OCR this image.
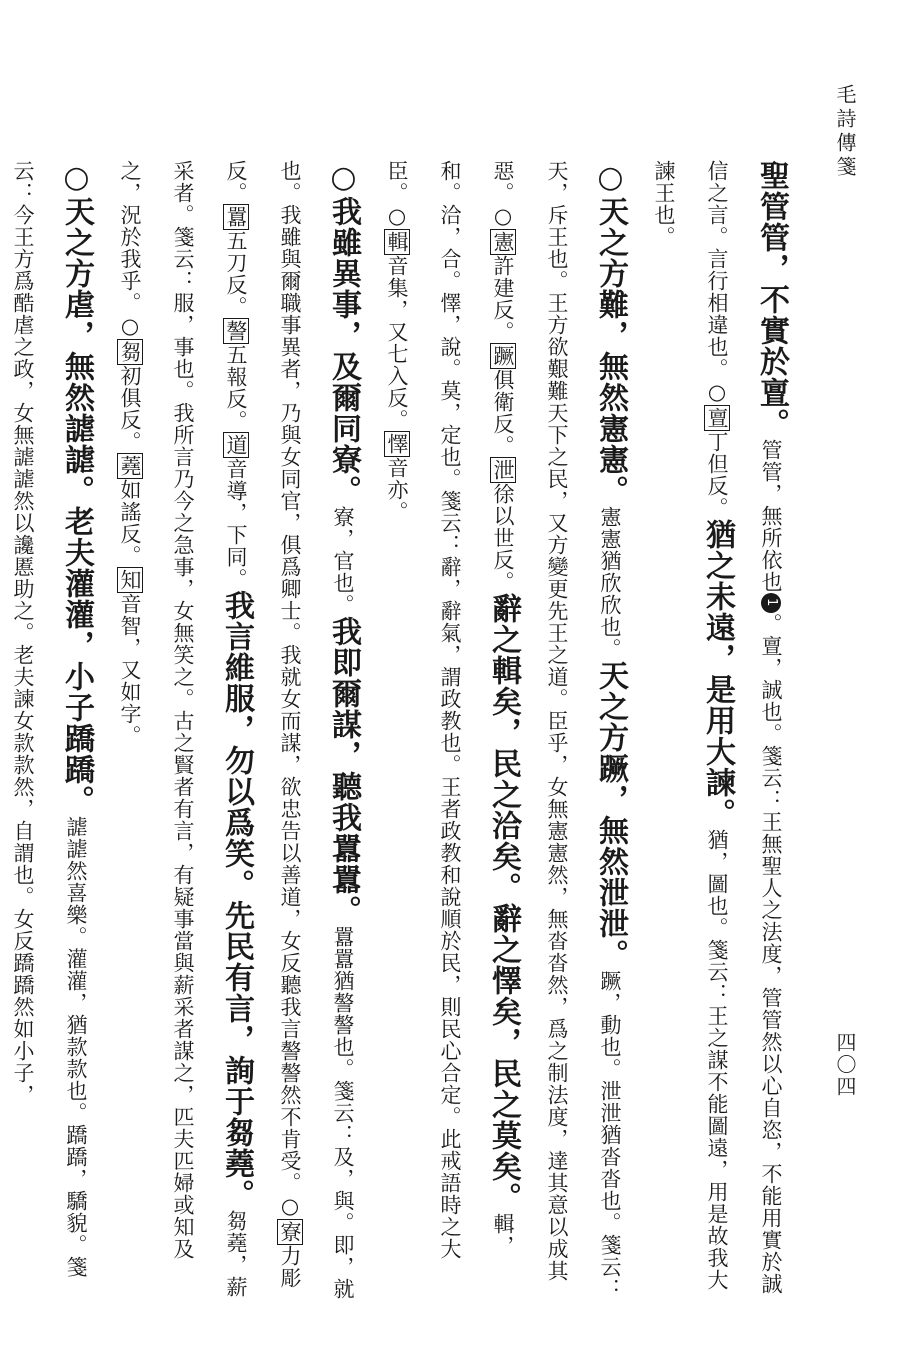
毛詩傳箋
四〇四

聖管管，不實於亶。管管，無所依也1。亶，誠也。箋云：王無聖人之法度，管管然以心自恣，不能用實於誠信之言。言行相違也。○亶丁但反。猶之未遠，是用大諫。猶，圖也。箋云：王之謀不能圖遠，用是故我大諫王也。

○天之方難，無然憲憲。憲憲猶欣欣也。天之方蹶，無然泄泄。蹶，動也。泄泄猶沓沓也。箋云：天，斥王也。王方欲艱難天下之民，又方變更先王之道。臣乎，女無憲憲然，無沓沓然，爲之制法度，達其意以成其惡。○憲許建反。蹶俱衛反。泄徐以世反。辭之輯矣，民之洽矣。辭之懌矣，民之莫矣。輯，和。洽，合。懌，說。莫，定也。箋云：辭，辭氣，謂政教也。王者政教和說順於民，則民心合定。此戒語時之大臣。○輯音集，又七入反。懌音亦。

○我雖異事，及爾同寮。寮，官也。我即爾謀，聽我囂囂。囂囂猶謷謷也。箋云：及，與。即，就也。我雖與爾職事異者，乃與女同官，俱爲卿士。我就女而謀，欲忠告以善道，女反聽我言謷謷然不肯受。○寮力彫反。囂五刀反。謷五報反。道音導，下同。我言維服，勿以爲笑。先民有言，詢于芻蕘。芻蕘，薪采者。箋云：服，事也。我所言乃今之急事，女無笑之。古之賢者有言，有疑事當與薪采者謀之，匹夫匹婦或知及之，況於我乎。○芻初俱反。蕘如謠反。知音智，又如字。

○天之方虐，無然謔謔。老夫灌灌，小子蹻蹻。謔謔然喜樂。灌灌，猶款款也。蹻蹻，驕貌。箋云：今王方爲酷虐之政，女無謔謔然以讒慝助之。老夫諫女款款然，自謂也。女反蹻蹻然如小子，
